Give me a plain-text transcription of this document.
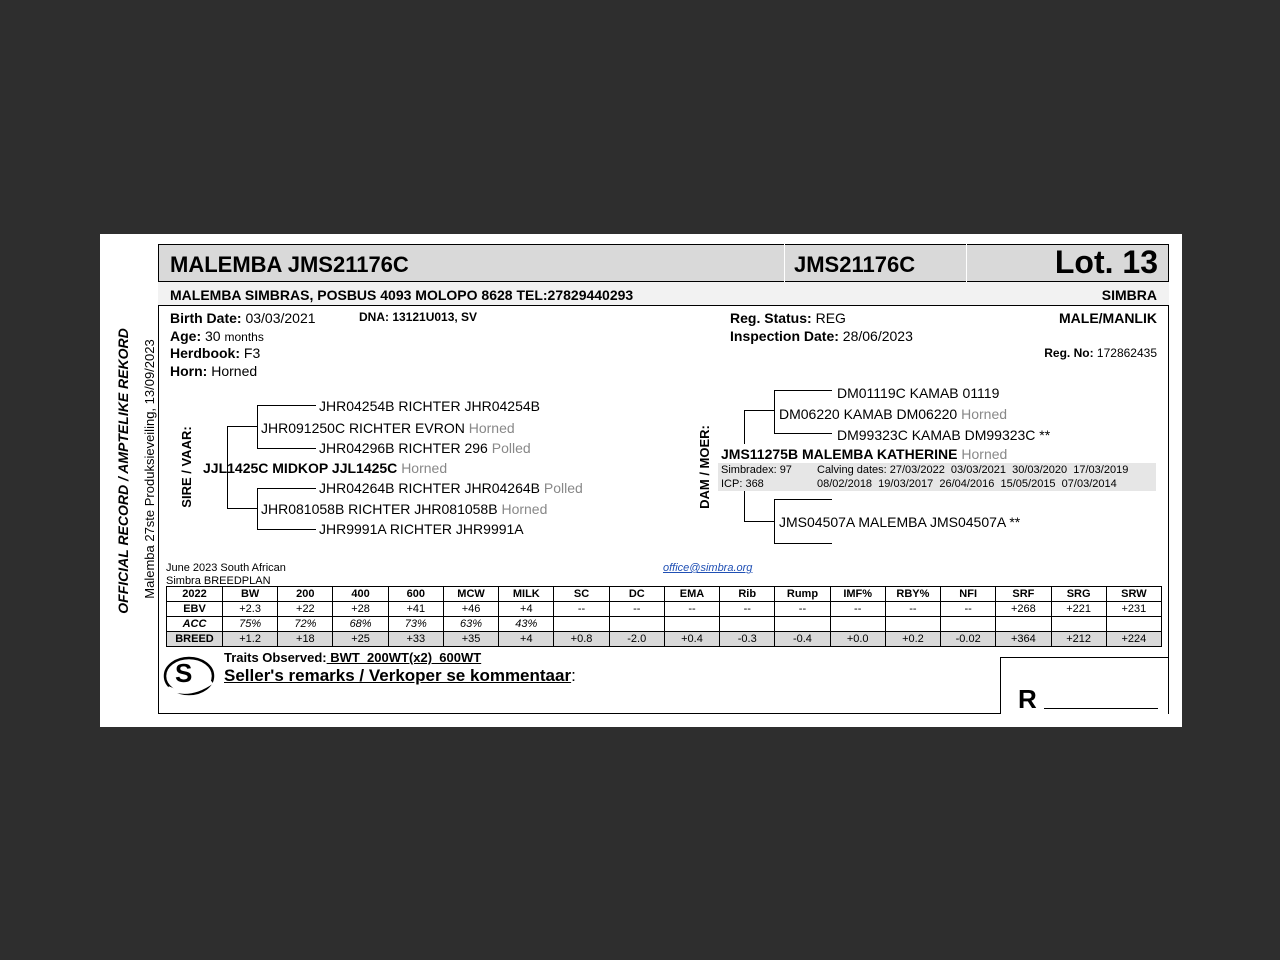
OFFICIAL RECORD / AMPTELIKE REKORD Malemba 27ste Produksieveiling, 13/09/2023
MALEMBA JMS21176C	JMS21176C	Lot. 13
MALEMBA SIMBRAS, POSBUS 4093 MOLOPO 8628 TEL:27829440293	SIMBRA
Birth Date: 03/03/2021	DNA: 13121U013, SV
Age: 30 months
Herdbook: F3
Horn: Horned
Reg. Status: REG
Inspection Date: 28/06/2023
MALE/MANLIK
Reg. No: 172862435
SIRE / VAAR:
JHR04254B RICHTER JHR04254B
JHR091250C RICHTER EVRON Horned
JHR04296B RICHTER 296 Polled
JJL1425C MIDKOP JJL1425C Horned
JHR04264B RICHTER JHR04264B Polled
JHR081058B RICHTER JHR081058B Horned
JHR9991A RICHTER JHR9991A
DAM / MOER:
DM01119C KAMAB 01119
DM06220 KAMAB DM06220 Horned
DM99323C KAMAB DM99323C **
JMS11275B MALEMBA KATHERINE Horned
Simbradex: 97
ICP: 368
Calving dates: 27/03/2022  03/03/2021  30/03/2020  17/03/2019
08/02/2018  19/03/2017  26/04/2016  15/05/2015  07/03/2014
JMS04507A MALEMBA JMS04507A **
June 2023 South African
Simbra BREEDPLAN
office@simbra.org
2022	BW	200	400	600	MCW	MILK	SC	DC	EMA	Rib	Rump	IMF%	RBY%	NFI	SRF	SRG	SRW
EBV	+2.3	+22	+28	+41	+46	+4	--	--	--	--	--	--	--	--	+268	+221	+231
ACC	75%	72%	68%	73%	63%	43%											
BREED	+1.2	+18	+25	+33	+35	+4	+0.8	-2.0	+0.4	-0.3	-0.4	+0.0	+0.2	-0.02	+364	+212	+224
S
Traits Observed: BWT  200WT(x2)  600WT
Seller's remarks / Verkoper se kommentaar:
R
